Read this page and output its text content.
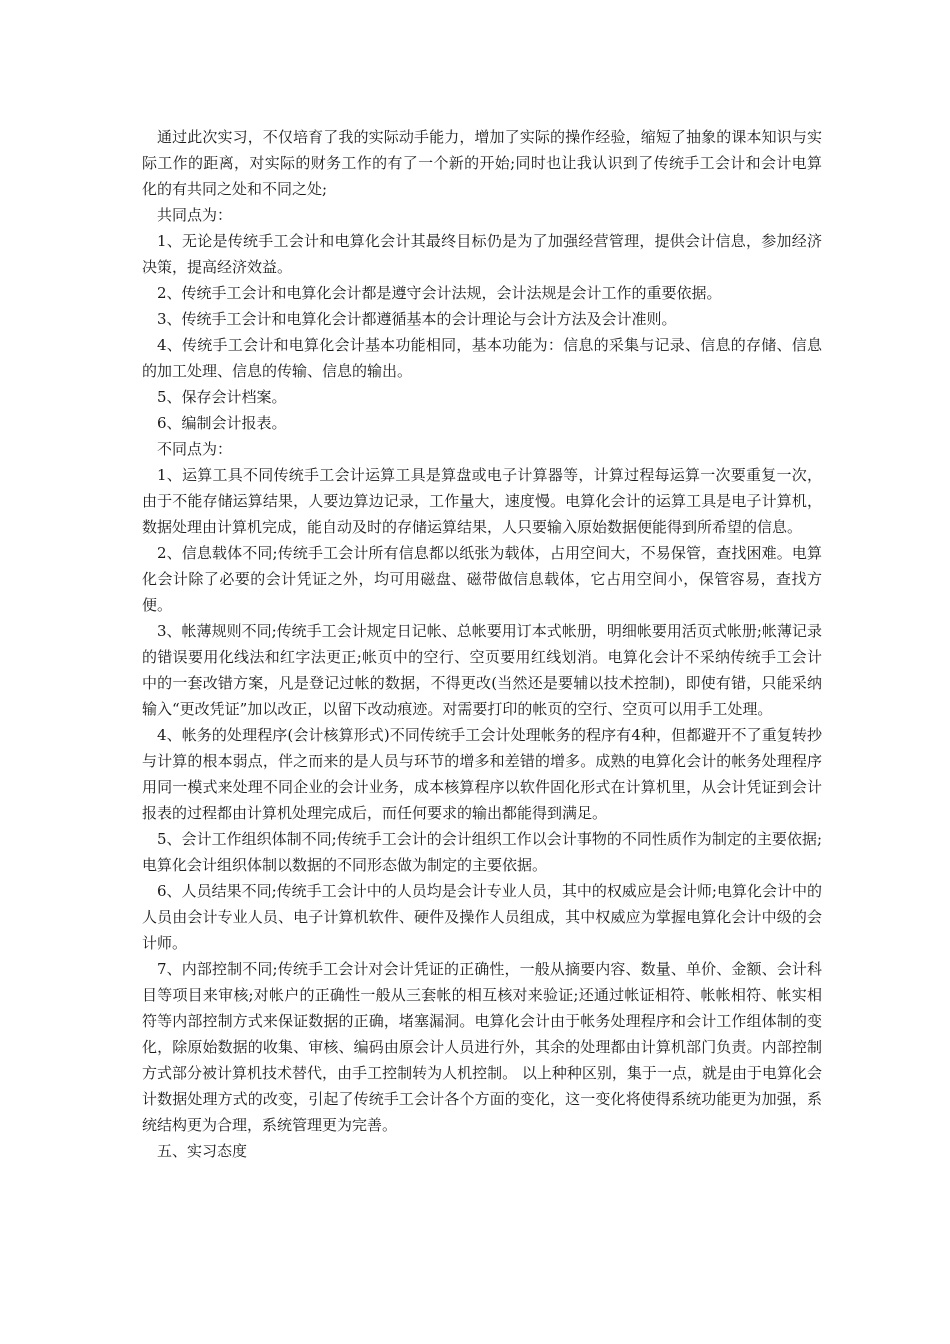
通过此次实习，不仅培育了我的实际动手能力，增加了实际的操作经验，缩短了抽象的课本知识与实际工作的距离，对实际的财务工作的有了一个新的开始;同时也让我认识到了传统手工会计和会计电算化的有共同之处和不同之处;

共同点为：

1、无论是传统手工会计和电算化会计其最终目标仍是为了加强经营管理，提供会计信息，参加经济决策，提高经济效益。

2、传统手工会计和电算化会计都是遵守会计法规，会计法规是会计工作的重要依据。

3、传统手工会计和电算化会计都遵循基本的会计理论与会计方法及会计准则。

4、传统手工会计和电算化会计基本功能相同，基本功能为：信息的采集与记录、信息的存储、信息的加工处理、信息的传输、信息的输出。

5、保存会计档案。

6、编制会计报表。

不同点为：

1、运算工具不同传统手工会计运算工具是算盘或电子计算器等，计算过程每运算一次要重复一次，由于不能存储运算结果，人要边算边记录，工作量大，速度慢。电算化会计的运算工具是电子计算机，数据处理由计算机完成，能自动及时的存储运算结果，人只要输入原始数据便能得到所希望的信息。

2、信息载体不同;传统手工会计所有信息都以纸张为载体，占用空间大，不易保管，查找困难。电算化会计除了必要的会计凭证之外，均可用磁盘、磁带做信息载体，它占用空间小，保管容易，查找方便。

3、帐薄规则不同;传统手工会计规定日记帐、总帐要用订本式帐册，明细帐要用活页式帐册;帐薄记录的错误要用化线法和红字法更正;帐页中的空行、空页要用红线划消。电算化会计不采纳传统手工会计中的一套改错方案，凡是登记过帐的数据，不得更改(当然还是要辅以技术控制)，即使有错，只能采纳输入“更改凭证”加以改正，以留下改动痕迹。对需要打印的帐页的空行、空页可以用手工处理。

4、帐务的处理程序(会计核算形式)不同传统手工会计处理帐务的程序有4种，但都避开不了重复转抄与计算的根本弱点，伴之而来的是人员与环节的增多和差错的增多。成熟的电算化会计的帐务处理程序用同一模式来处理不同企业的会计业务，成本核算程序以软件固化形式在计算机里，从会计凭证到会计报表的过程都由计算机处理完成后，而任何要求的输出都能得到满足。

5、会计工作组织体制不同;传统手工会计的会计组织工作以会计事物的不同性质作为制定的主要依据;电算化会计组织体制以数据的不同形态做为制定的主要依据。

6、人员结果不同;传统手工会计中的人员均是会计专业人员，其中的权威应是会计师;电算化会计中的人员由会计专业人员、电子计算机软件、硬件及操作人员组成，其中权威应为掌握电算化会计中级的会计师。

7、内部控制不同;传统手工会计对会计凭证的正确性，一般从摘要内容、数量、单价、金额、会计科目等项目来审核;对帐户的正确性一般从三套帐的相互核对来验证;还通过帐证相符、帐帐相符、帐实相符等内部控制方式来保证数据的正确，堵塞漏洞。电算化会计由于帐务处理程序和会计工作组体制的变化，除原始数据的收集、审核、编码由原会计人员进行外，其余的处理都由计算机部门负责。内部控制方式部分被计算机技术替代，由手工控制转为人机控制。 以上种种区别，集于一点，就是由于电算化会计数据处理方式的改变，引起了传统手工会计各个方面的变化，这一变化将使得系统功能更为加强，系统结构更为合理，系统管理更为完善。

五、实习态度
